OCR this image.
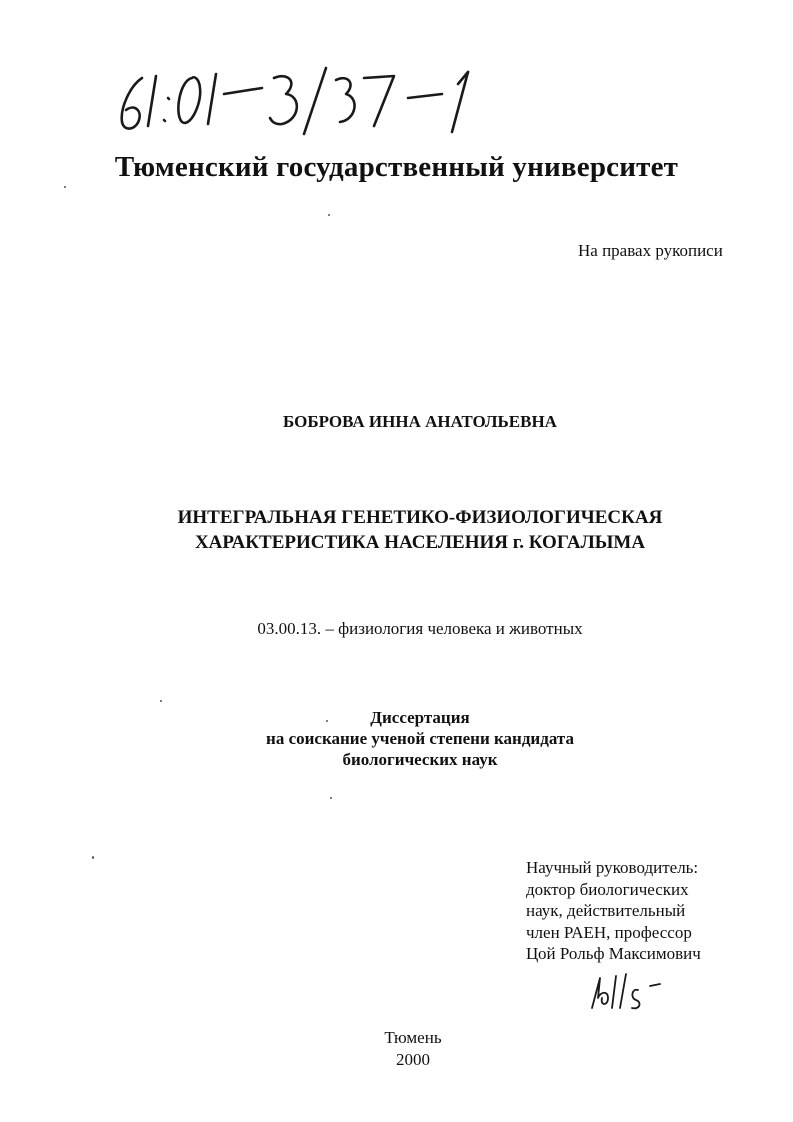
Тюменский государственный университет
На правах рукописи
БОБРОВА ИННА АНАТОЛЬЕВНА
ИНТЕГРАЛЬНАЯ ГЕНЕТИКО-ФИЗИОЛОГИЧЕСКАЯ
ХАРАКТЕРИСТИКА НАСЕЛЕНИЯ г. КОГАЛЫМА
03.00.13. – физиология человека и животных
Диссертация
на соискание ученой степени кандидата
биологических наук
Научный руководитель:
доктор биологических
наук, действительный
член РАЕН, профессор
Цой Рольф Максимович
Тюмень
2000
